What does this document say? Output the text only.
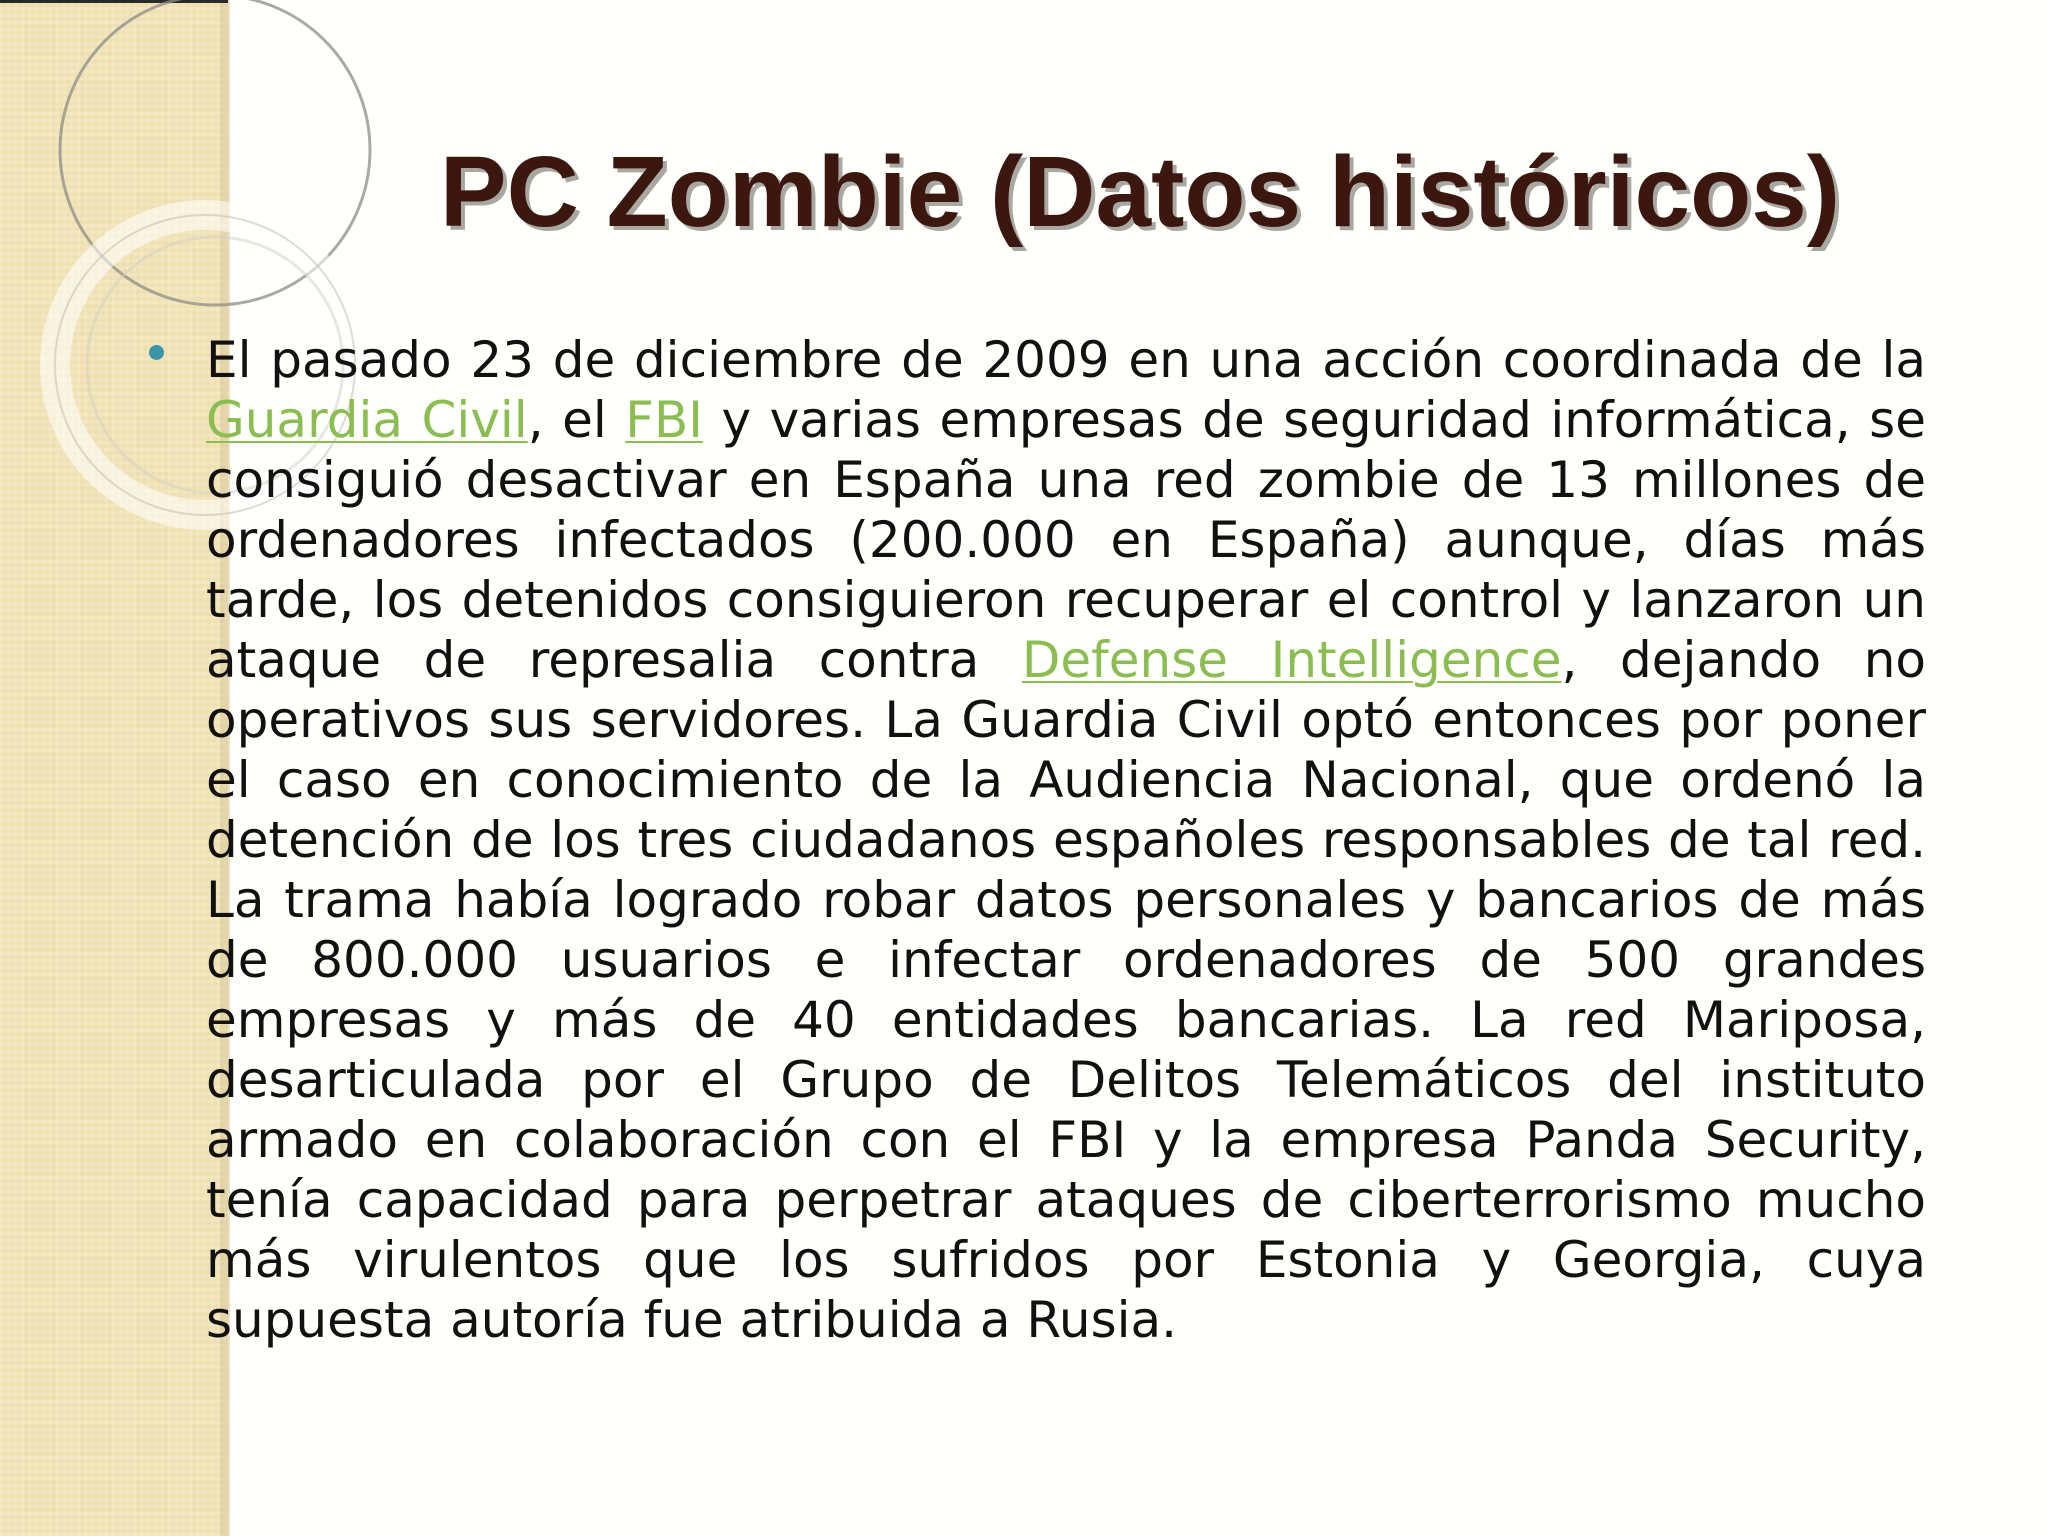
PC Zombie (Datos históricos)

El pasado 23 de diciembre de 2009 en una acción coordinada de la Guardia Civil, el FBI y varias empresas de seguridad informática, se consiguió desactivar en España una red zombie de 13 millones de ordenadores infectados (200.000 en España) aunque, días más tarde, los detenidos consiguieron recuperar el control y lanzaron un ataque de represalia contra Defense Intelligence, dejando no operativos sus servidores. La Guardia Civil optó entonces por poner el caso en conocimiento de la Audiencia Nacional, que ordenó la detención de los tres ciudadanos españoles responsables de tal red. La trama había logrado robar datos personales y bancarios de más de 800.000 usuarios e infectar ordenadores de 500 grandes empresas y más de 40 entidades bancarias. La red Mariposa, desarticulada por el Grupo de Delitos Telemáticos del instituto armado en colaboración con el FBI y la empresa Panda Security, tenía capacidad para perpetrar ataques de ciberterrorismo mucho más virulentos que los sufridos por Estonia y Georgia, cuya supuesta autoría fue atribuida a Rusia.
